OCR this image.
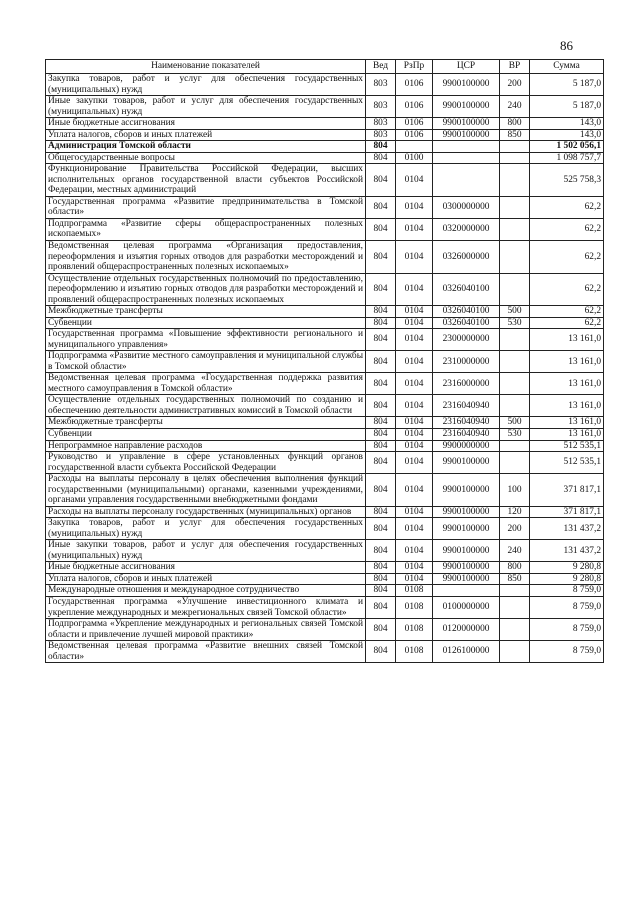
86
Наименование показателей	Вед	РзПр	ЦСР	ВР	Сумма
Закупка товаров, работ и услуг для обеспечения государственных (муниципальных) нужд	803	0106	9900100000	200	5 187,0
Иные закупки товаров, работ и услуг для обеспечения государственных (муниципальных) нужд	803	0106	9900100000	240	5 187,0
Иные бюджетные ассигнования	803	0106	9900100000	800	143,0
Уплата налогов, сборов и иных платежей	803	0106	9900100000	850	143,0
Администрация Томской области	804				1 502 056,1
Общегосударственные вопросы	804	0100			1 098 757,7
Функционирование Правительства Российской Федерации, высших исполнительных органов государственной власти субъектов Российской Федерации, местных администраций	804	0104			525 758,3
Государственная программа «Развитие предпринимательства в Томской области»	804	0104	0300000000		62,2
Подпрограмма «Развитие сферы общераспространенных полезных ископаемых»	804	0104	0320000000		62,2
Ведомственная целевая программа «Организация предоставления, переоформления и изъятия горных отводов для разработки месторождений и проявлений общераспространенных полезных ископаемых»	804	0104	0326000000		62,2
Осуществление отдельных государственных полномочий по предоставлению, переоформлению и изъятию горных отводов для разработки месторождений и проявлений общераспространенных полезных ископаемых	804	0104	0326040100		62,2
Межбюджетные трансферты	804	0104	0326040100	500	62,2
Субвенции	804	0104	0326040100	530	62,2
Государственная программа «Повышение эффективности регионального и муниципального управления»	804	0104	2300000000		13 161,0
Подпрограмма «Развитие местного самоуправления и муниципальной службы в Томской области»	804	0104	2310000000		13 161,0
Ведомственная целевая программа «Государственная поддержка развития местного самоуправления в Томской области»	804	0104	2316000000		13 161,0
Осуществление отдельных государственных полномочий по созданию и обеспечению деятельности административных комиссий в Томской области	804	0104	2316040940		13 161,0
Межбюджетные трансферты	804	0104	2316040940	500	13 161,0
Субвенции	804	0104	2316040940	530	13 161,0
Непрограммное направление расходов	804	0104	9900000000		512 535,1
Руководство и управление в сфере установленных функций органов государственной власти субъекта Российской Федерации	804	0104	9900100000		512 535,1
Расходы на выплаты персоналу в целях обеспечения выполнения функций государственными (муниципальными) органами, казенными учреждениями, органами управления государственными внебюджетными фондами	804	0104	9900100000	100	371 817,1
Расходы на выплаты персоналу государственных (муниципальных) органов	804	0104	9900100000	120	371 817,1
Закупка товаров, работ и услуг для обеспечения государственных (муниципальных) нужд	804	0104	9900100000	200	131 437,2
Иные закупки товаров, работ и услуг для обеспечения государственных (муниципальных) нужд	804	0104	9900100000	240	131 437,2
Иные бюджетные ассигнования	804	0104	9900100000	800	9 280,8
Уплата налогов, сборов и иных платежей	804	0104	9900100000	850	9 280,8
Международные отношения и международное сотрудничество	804	0108			8 759,0
Государственная программа «Улучшение инвестиционного климата и укрепление международных и межрегиональных связей Томской области»	804	0108	0100000000		8 759,0
Подпрограмма «Укрепление международных и региональных связей Томской области и привлечение лучшей мировой практики»	804	0108	0120000000		8 759,0
Ведомственная целевая программа «Развитие внешних связей Томской области»	804	0108	0126100000		8 759,0
